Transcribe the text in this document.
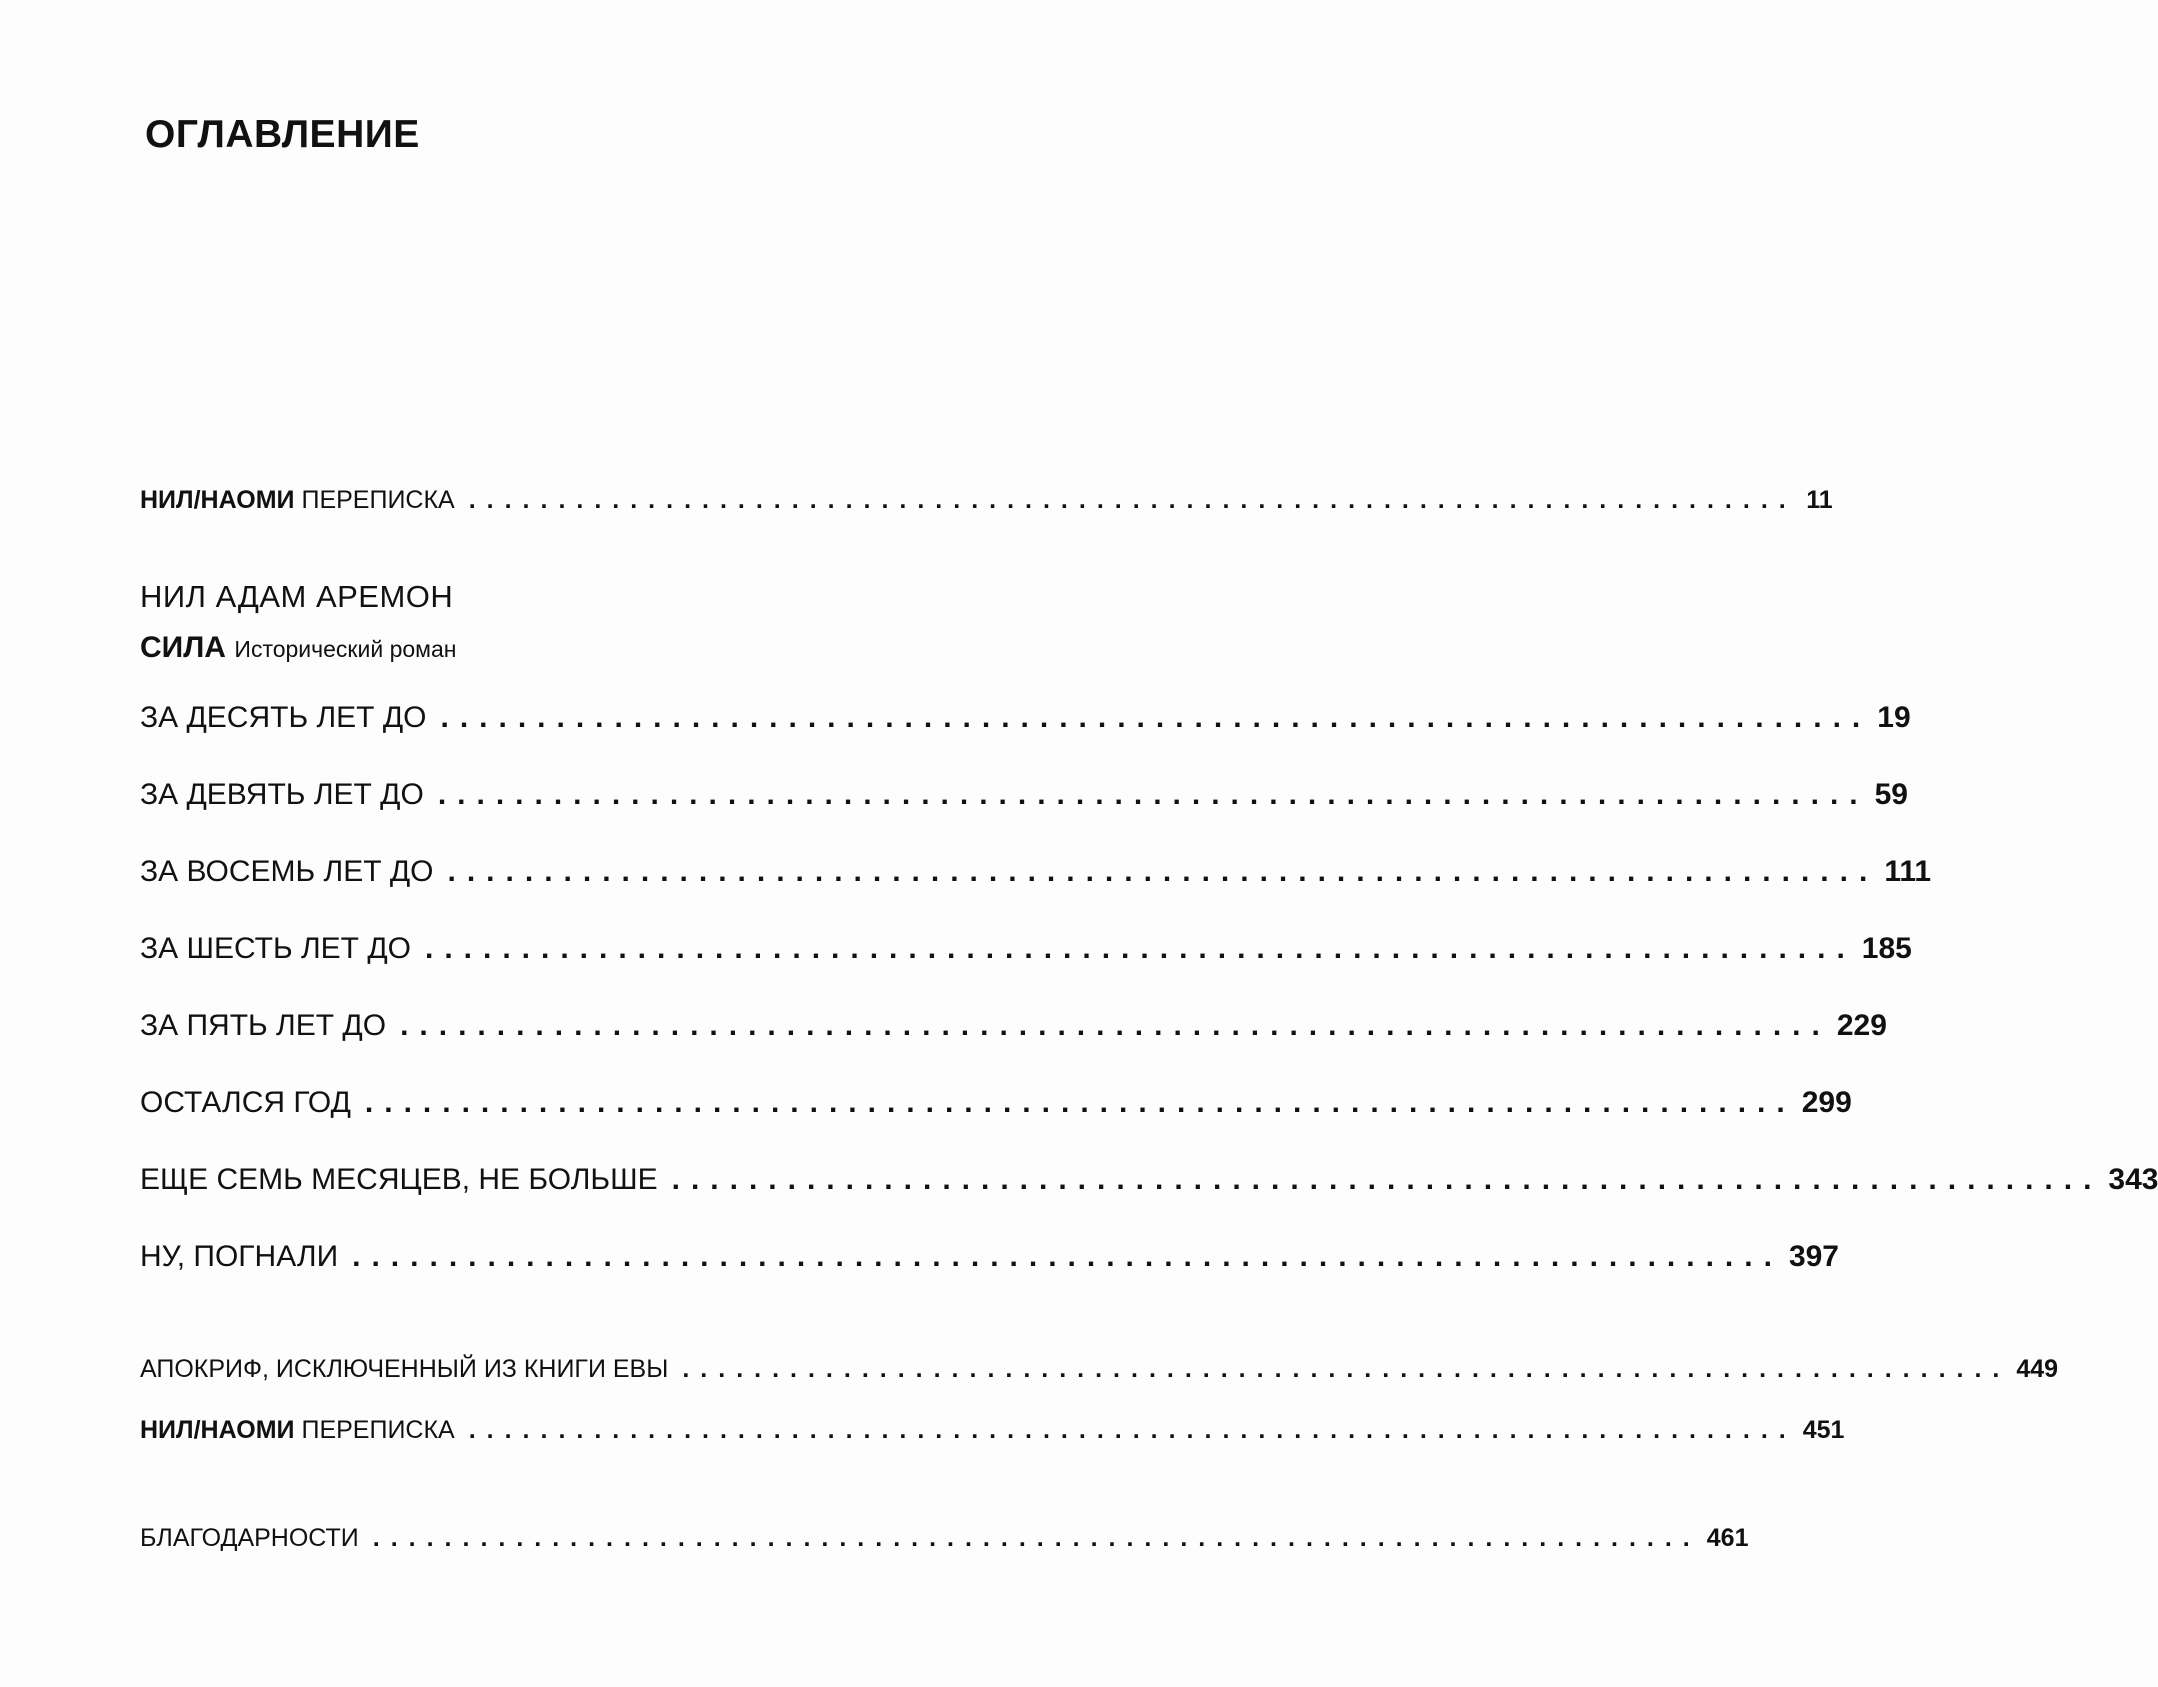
ОГЛАВЛЕНИЕ
НИЛ/НАОМИ ПЕРЕПИСКА .......................................................................... 11
НИЛ АДАМ АРЕМОН
СИЛА Исторический роман
ЗА ДЕСЯТЬ ЛЕТ ДО .......................................................................... 19
ЗА ДЕВЯТЬ ЛЕТ ДО .......................................................................... 59
ЗА ВОСЕМЬ ЛЕТ ДО .......................................................................... 111
ЗА ШЕСТЬ ЛЕТ ДО .......................................................................... 185
ЗА ПЯТЬ ЛЕТ ДО .......................................................................... 229
ОСТАЛСЯ ГОД .......................................................................... 299
ЕЩЕ СЕМЬ МЕСЯЦЕВ, НЕ БОЛЬШЕ .......................................................................... 343
НУ, ПОГНАЛИ .......................................................................... 397
АПОКРИФ, ИСКЛЮЧЕННЫЙ ИЗ КНИГИ ЕВЫ .......................................................................... 449
НИЛ/НАОМИ ПЕРЕПИСКА .......................................................................... 451
БЛАГОДАРНОСТИ .......................................................................... 461
